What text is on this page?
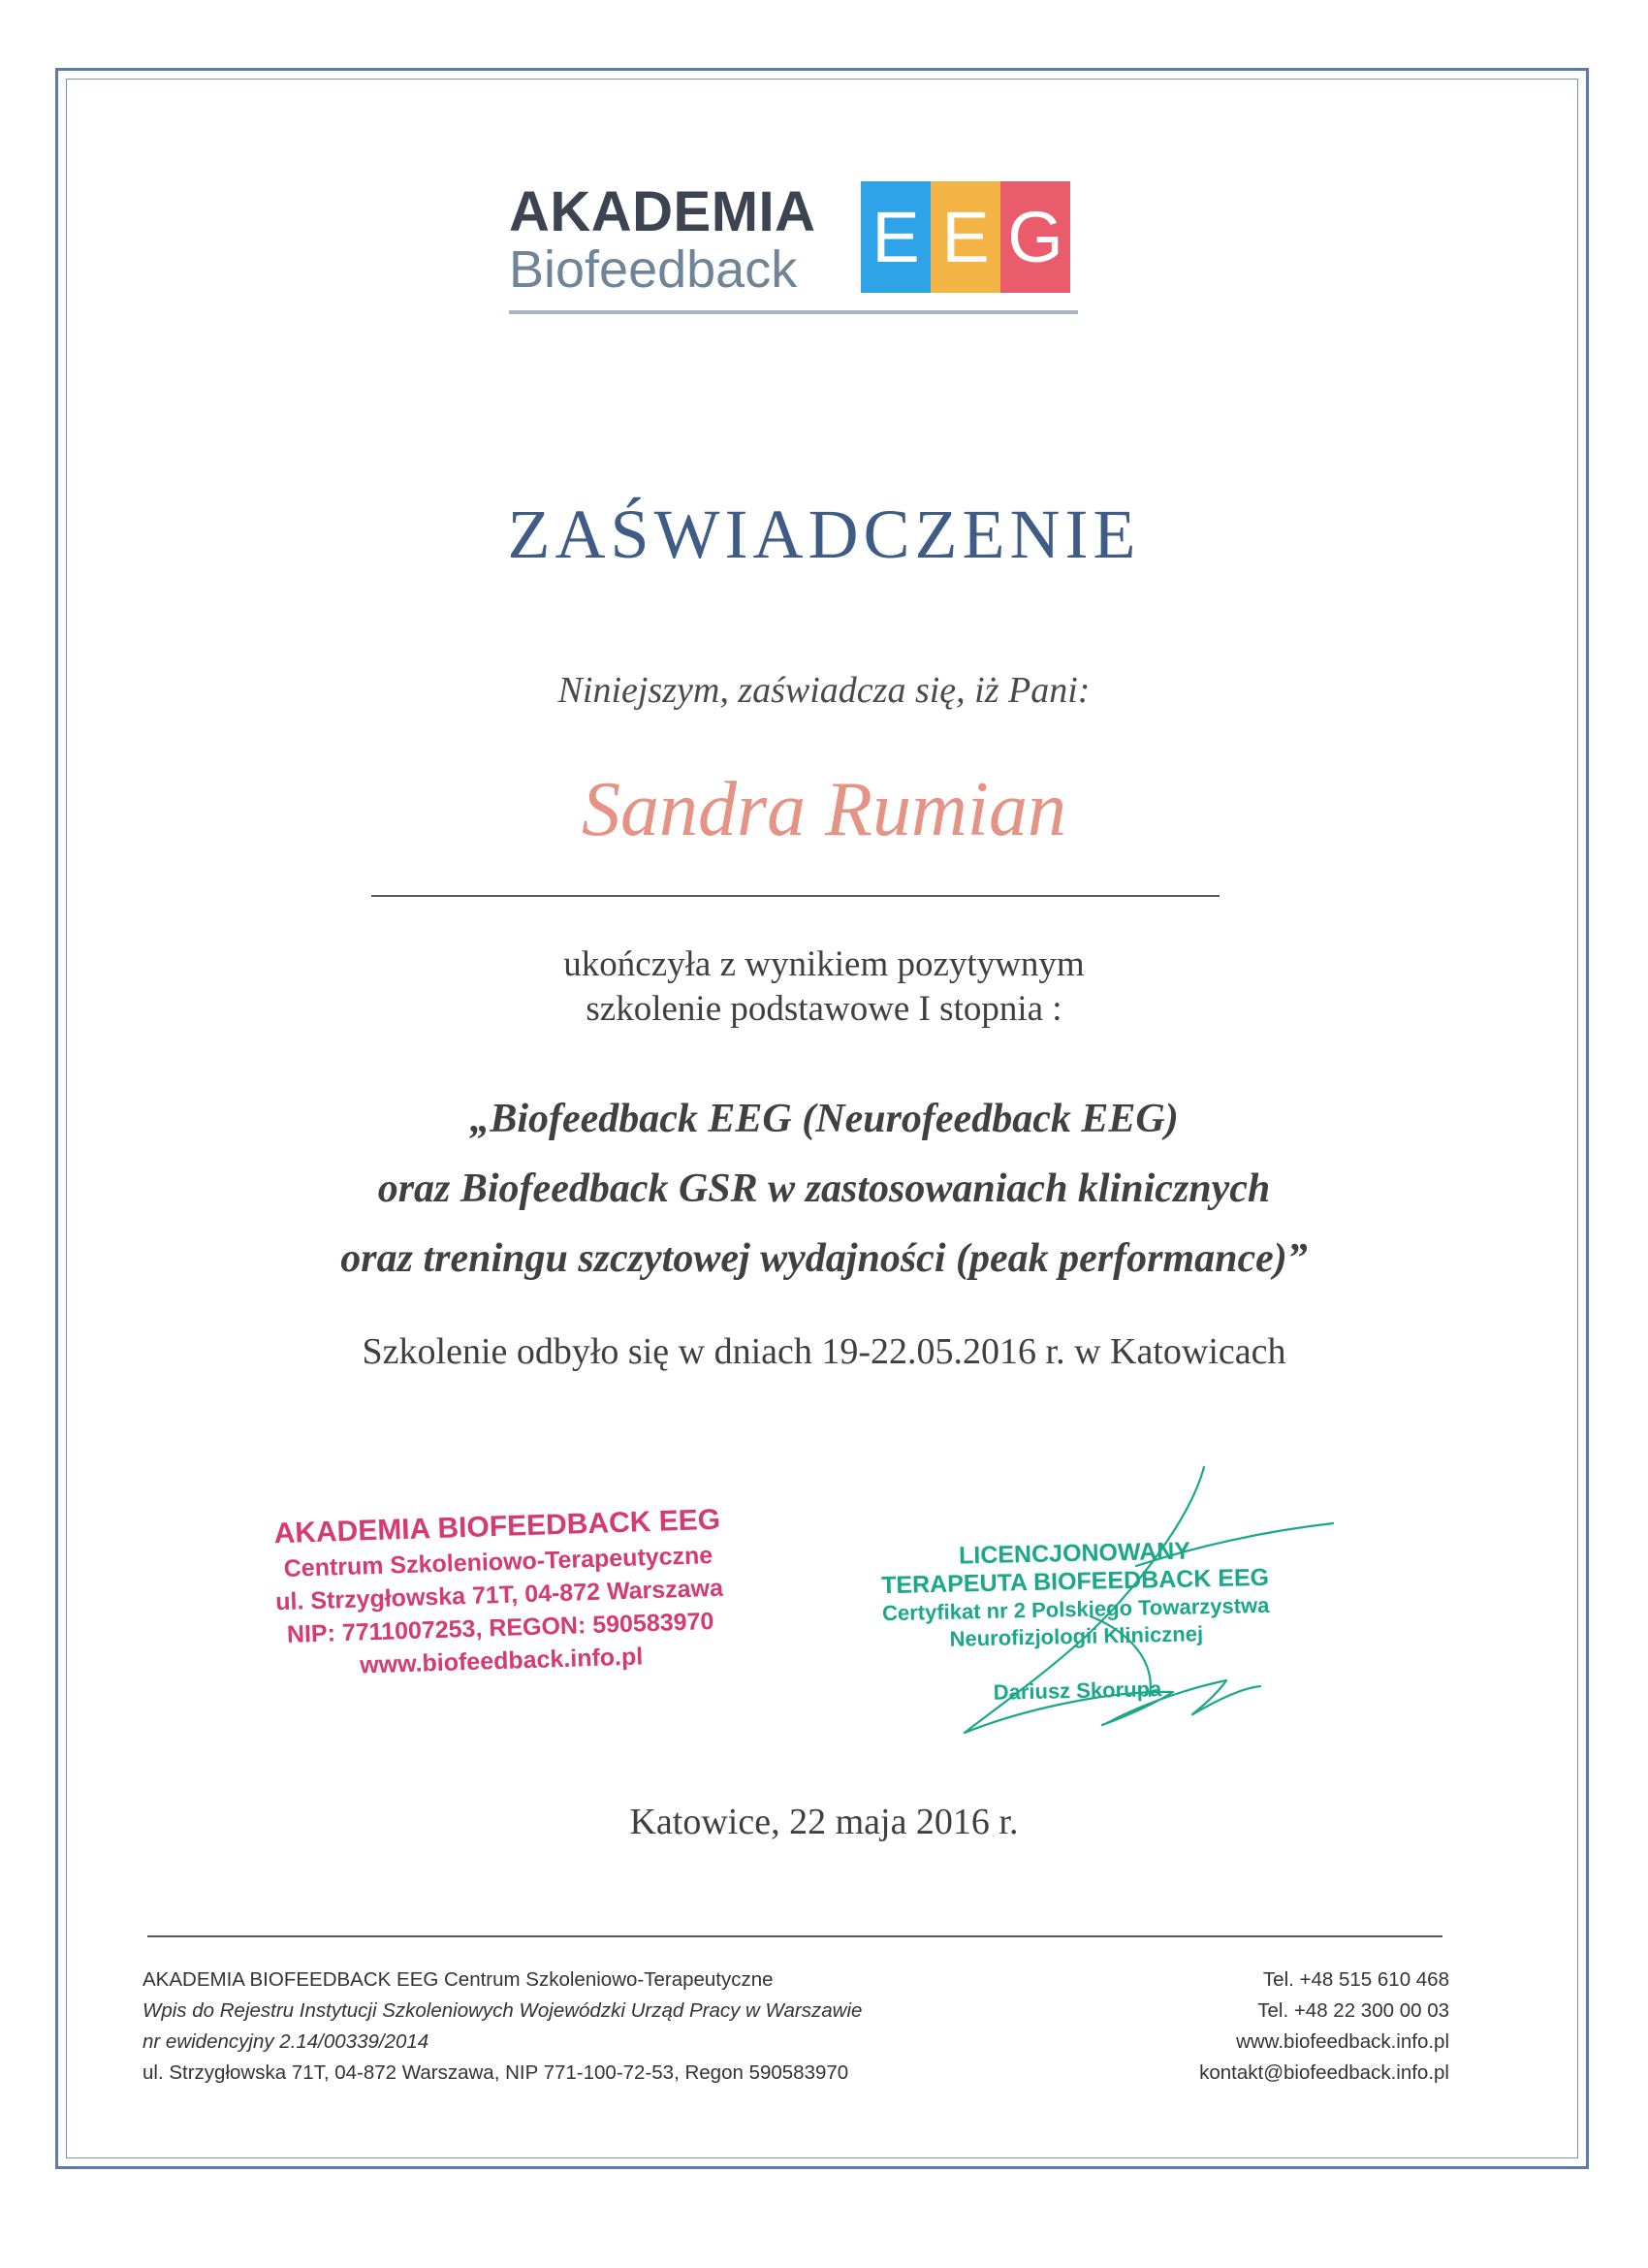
AKADEMIA
Biofeedback E E G
ZAŚWIADCZENIE
Niniejszym, zaświadcza się, iż Pani:
Sandra Rumian
ukończyła z wynikiem pozytywnym
szkolenie podstawowe I stopnia :
„Biofeedback EEG (Neurofeedback EEG)
oraz Biofeedback GSR w zastosowaniach klinicznych
oraz treningu szczytowej wydajności (peak performance)”
Szkolenie odbyło się w dniach 19-22.05.2016 r. w Katowicach
AKADEMIA BIOFEEDBACK EEG
Centrum Szkoleniowo-Terapeutyczne
ul. Strzygłowska 71T, 04-872 Warszawa
NIP: 7711007253, REGON: 590583970
www.biofeedback.info.pl
LICENCJONOWANY
TERAPEUTA BIOFEEDBACK EEG
Certyfikat nr 2 Polskiego Towarzystwa
Neurofizjologii Klinicznej
Dariusz Skorupa
Katowice, 22 maja 2016 r.
AKADEMIA BIOFEEDBACK EEG Centrum Szkoleniowo-Terapeutyczne
Wpis do Rejestru Instytucji Szkoleniowych Wojewódzki Urząd Pracy w Warszawie
nr ewidencyjny 2.14/00339/2014
ul. Strzygłowska 71T, 04-872 Warszawa, NIP 771-100-72-53, Regon 590583970
Tel. +48 515 610 468
Tel. +48 22 300 00 03
www.biofeedback.info.pl
kontakt@biofeedback.info.pl
